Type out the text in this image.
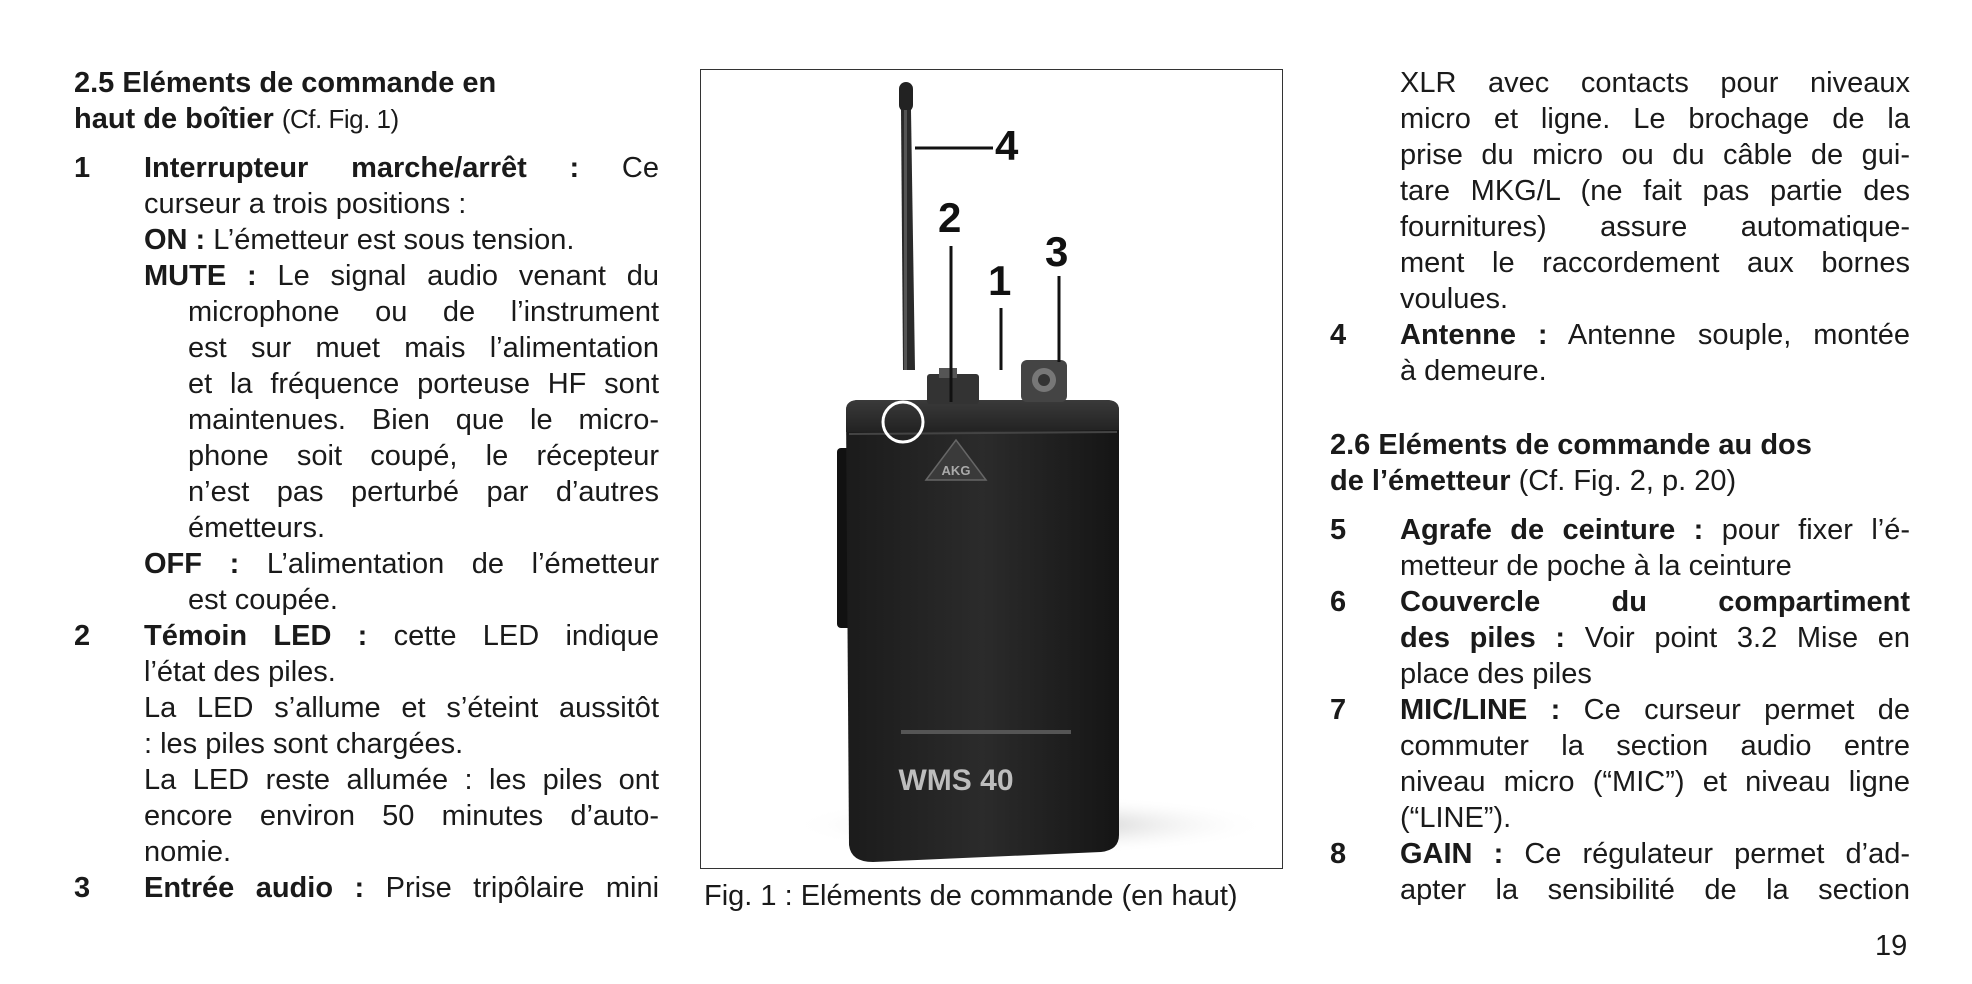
2.5 Eléments de commande en
haut de boîtier (Cf. Fig. 1)
1 Interrupteur marche/arrêt : Ce
curseur a trois positions :
ON : L’émetteur est sous tension.
MUTE : Le signal audio venant du
microphone ou de l’instrument
est sur muet mais l’alimentation
et la fréquence porteuse HF sont
maintenues. Bien que le micro-
phone soit coupé, le récepteur
n’est pas perturbé par d’autres
émetteurs.
OFF : L’alimentation de l’émetteur
est coupée.
2 Témoin LED : cette LED indique
l’état des piles.
La LED s’allume et s’éteint aussitôt
: les piles sont chargées.
La LED reste allumée : les piles ont
encore environ 50 minutes d’auto-
nomie.
3 Entrée audio : Prise tripôlaire mini
AKG
WMS 40
4
2
1
3
Fig. 1 : Eléments de commande (en haut)
XLR avec contacts pour niveaux
micro et ligne. Le brochage de la
prise du micro ou du câble de gui-
tare MKG/L (ne fait pas partie des
fournitures) assure automatique-
ment le raccordement aux bornes
voulues.
4 Antenne : Antenne souple, montée
à demeure.
2.6 Eléments de commande au dos
de l’émetteur (Cf. Fig. 2, p. 20)
5 Agrafe de ceinture : pour fixer l’é-
metteur de poche à la ceinture
6 Couvercle du compartiment
des piles : Voir point 3.2 Mise en
place des piles
7 MIC/LINE : Ce curseur permet de
commuter la section audio entre
niveau micro (“MIC”) et niveau ligne
(“LINE”).
8 GAIN : Ce régulateur permet d’ad-
apter la sensibilité de la section
19
